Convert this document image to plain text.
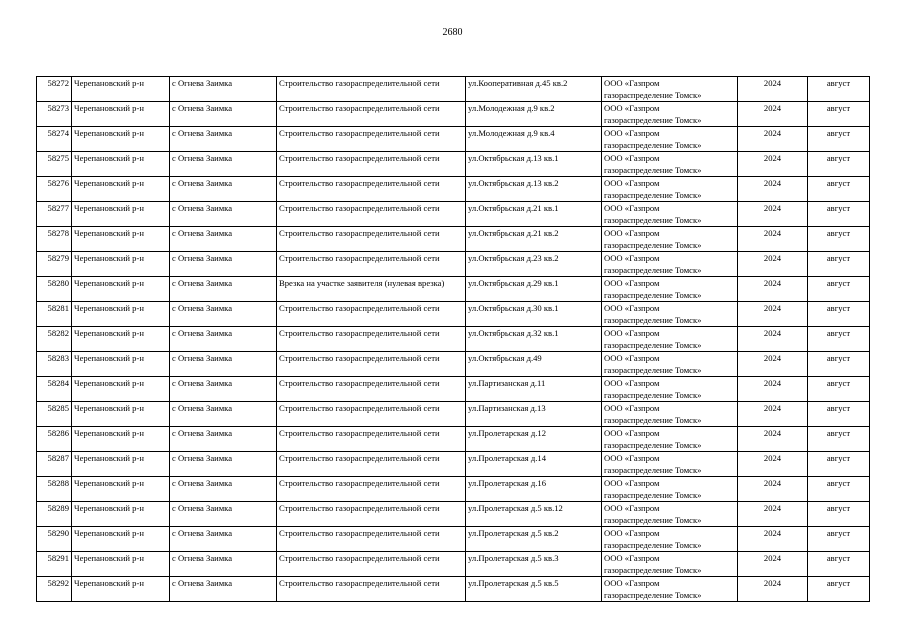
2680
58272	Черепановский р-н	с Огнева Заимка	Строительство газораспределительной сети	ул.Кооперативная д.45 кв.2	ООО «Газпром
газораспределение Томск»	2024	август
58273	Черепановский р-н	с Огнева Заимка	Строительство газораспределительной сети	ул.Молодежная д.9 кв.2	ООО «Газпром
газораспределение Томск»	2024	август
58274	Черепановский р-н	с Огнева Заимка	Строительство газораспределительной сети	ул.Молодежная д.9 кв.4	ООО «Газпром
газораспределение Томск»	2024	август
58275	Черепановский р-н	с Огнева Заимка	Строительство газораспределительной сети	ул.Октябрьская д.13 кв.1	ООО «Газпром
газораспределение Томск»	2024	август
58276	Черепановский р-н	с Огнева Заимка	Строительство газораспределительной сети	ул.Октябрьская д.13 кв.2	ООО «Газпром
газораспределение Томск»	2024	август
58277	Черепановский р-н	с Огнева Заимка	Строительство газораспределительной сети	ул.Октябрьская д.21 кв.1	ООО «Газпром
газораспределение Томск»	2024	август
58278	Черепановский р-н	с Огнева Заимка	Строительство газораспределительной сети	ул.Октябрьская д.21 кв.2	ООО «Газпром
газораспределение Томск»	2024	август
58279	Черепановский р-н	с Огнева Заимка	Строительство газораспределительной сети	ул.Октябрьская д.23 кв.2	ООО «Газпром
газораспределение Томск»	2024	август
58280	Черепановский р-н	с Огнева Заимка	Врезка на участке заявителя (нулевая врезка)	ул.Октябрьская д.29 кв.1	ООО «Газпром
газораспределение Томск»	2024	август
58281	Черепановский р-н	с Огнева Заимка	Строительство газораспределительной сети	ул.Октябрьская д.30 кв.1	ООО «Газпром
газораспределение Томск»	2024	август
58282	Черепановский р-н	с Огнева Заимка	Строительство газораспределительной сети	ул.Октябрьская д.32 кв.1	ООО «Газпром
газораспределение Томск»	2024	август
58283	Черепановский р-н	с Огнева Заимка	Строительство газораспределительной сети	ул.Октябрьская д.49	ООО «Газпром
газораспределение Томск»	2024	август
58284	Черепановский р-н	с Огнева Заимка	Строительство газораспределительной сети	ул.Партизанская д.11	ООО «Газпром
газораспределение Томск»	2024	август
58285	Черепановский р-н	с Огнева Заимка	Строительство газораспределительной сети	ул.Партизанская д.13	ООО «Газпром
газораспределение Томск»	2024	август
58286	Черепановский р-н	с Огнева Заимка	Строительство газораспределительной сети	ул.Пролетарская д.12	ООО «Газпром
газораспределение Томск»	2024	август
58287	Черепановский р-н	с Огнева Заимка	Строительство газораспределительной сети	ул.Пролетарская д.14	ООО «Газпром
газораспределение Томск»	2024	август
58288	Черепановский р-н	с Огнева Заимка	Строительство газораспределительной сети	ул.Пролетарская д.16	ООО «Газпром
газораспределение Томск»	2024	август
58289	Черепановский р-н	с Огнева Заимка	Строительство газораспределительной сети	ул.Пролетарская д.5 кв.12	ООО «Газпром
газораспределение Томск»	2024	август
58290	Черепановский р-н	с Огнева Заимка	Строительство газораспределительной сети	ул.Пролетарская д.5 кв.2	ООО «Газпром
газораспределение Томск»	2024	август
58291	Черепановский р-н	с Огнева Заимка	Строительство газораспределительной сети	ул.Пролетарская д.5 кв.3	ООО «Газпром
газораспределение Томск»	2024	август
58292	Черепановский р-н	с Огнева Заимка	Строительство газораспределительной сети	ул.Пролетарская д.5 кв.5	ООО «Газпром
газораспределение Томск»	2024	август
